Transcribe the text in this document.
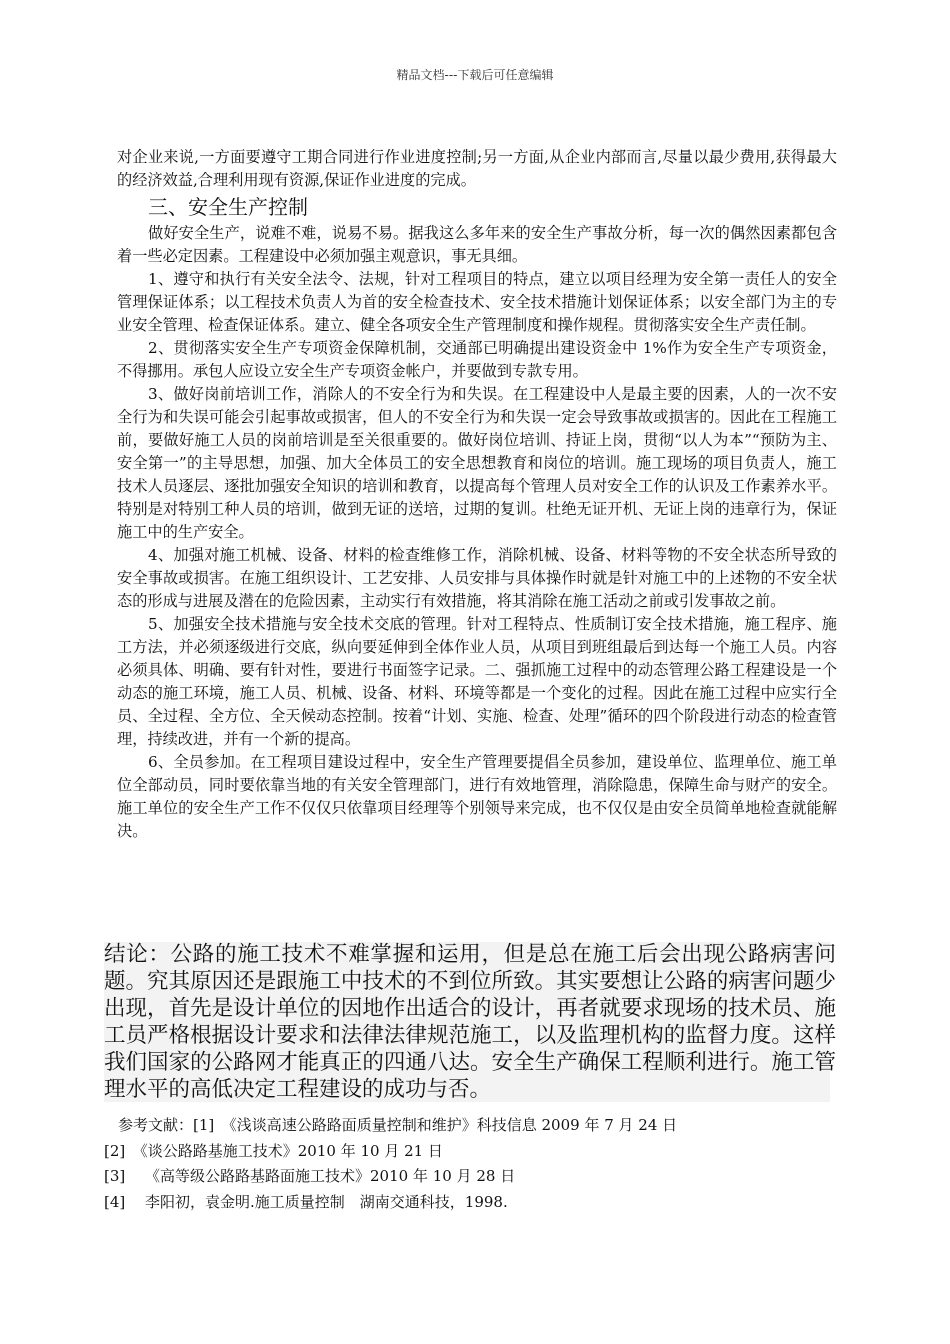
精品文档---下载后可任意编辑

对企业来说,一方面要遵守工期合同进行作业进度控制;另一方面,从企业内部而言,尽量以最少费用,获得最大的经济效益,合理利用现有资源,保证作业进度的完成。

三、安全生产控制

做好安全生产，说难不难，说易不易。据我这么多年来的安全生产事故分析，每一次的偶然因素都包含着一些必定因素。工程建设中必须加强主观意识，事无具细。

1、遵守和执行有关安全法令、法规，针对工程项目的特点，建立以项目经理为安全第一责任人的安全管理保证体系；以工程技术负责人为首的安全检查技术、安全技术措施计划保证体系；以安全部门为主的专业安全管理、检查保证体系。建立、健全各项安全生产管理制度和操作规程。贯彻落实安全生产责任制。

2、贯彻落实安全生产专项资金保障机制，交通部已明确提出建设资金中 1%作为安全生产专项资金，不得挪用。承包人应设立安全生产专项资金帐户，并要做到专款专用。

3、做好岗前培训工作，消除人的不安全行为和失误。在工程建设中人是最主要的因素，人的一次不安全行为和失误可能会引起事故或损害，但人的不安全行为和失误一定会导致事故或损害的。因此在工程施工前，要做好施工人员的岗前培训是至关很重要的。做好岗位培训、持证上岗，贯彻“以人为本”“预防为主、安全第一”的主导思想，加强、加大全体员工的安全思想教育和岗位的培训。施工现场的项目负责人，施工技术人员逐层、逐批加强安全知识的培训和教育，以提高每个管理人员对安全工作的认识及工作素养水平。特别是对特别工种人员的培训，做到无证的送培，过期的复训。杜绝无证开机、无证上岗的违章行为，保证施工中的生产安全。

4、加强对施工机械、设备、材料的检查维修工作，消除机械、设备、材料等物的不安全状态所导致的安全事故或损害。在施工组织设计、工艺安排、人员安排与具体操作时就是针对施工中的上述物的不安全状态的形成与进展及潜在的危险因素，主动实行有效措施，将其消除在施工活动之前或引发事故之前。

5、加强安全技术措施与安全技术交底的管理。针对工程特点、性质制订安全技术措施，施工程序、施工方法，并必须逐级进行交底，纵向要延伸到全体作业人员，从项目到班组最后到达每一个施工人员。内容必须具体、明确、要有针对性，要进行书面签字记录。二、强抓施工过程中的动态管理公路工程建设是一个动态的施工环境，施工人员、机械、设备、材料、环境等都是一个变化的过程。因此在施工过程中应实行全员、全过程、全方位、全天候动态控制。按着“计划、实施、检查、处理”循环的四个阶段进行动态的检查管理，持续改进，并有一个新的提高。

6、全员参加。在工程项目建设过程中，安全生产管理要提倡全员参加，建设单位、监理单位、施工单位全部动员，同时要依靠当地的有关安全管理部门，进行有效地管理，消除隐患，保障生命与财产的安全。施工单位的安全生产工作不仅仅只依靠项目经理等个别领导来完成，也不仅仅是由安全员简单地检查就能解决。

结论：公路的施工技术不难掌握和运用，但是总在施工后会出现公路病害问题。究其原因还是跟施工中技术的不到位所致。其实要想让公路的病害问题少出现，首先是设计单位的因地作出适合的设计，再者就要求现场的技术员、施工员严格根据设计要求和法律法律规范施工，以及监理机构的监督力度。这样我们国家的公路网才能真正的四通八达。安全生产确保工程顺利进行。施工管理水平的高低决定工程建设的成功与否。
参考文献：[1]　《浅谈高速公路路面质量控制和维护》科技信息 2009 年 7 月 24 日
[2]　《谈公路路基施工技术》2010 年 10 月 21 日
[3]　 《高等级公路路基路面施工技术》2010 年 10 月 28 日
[4]　 李阳初，袁金明.施工质量控制　湖南交通科技，1998.
